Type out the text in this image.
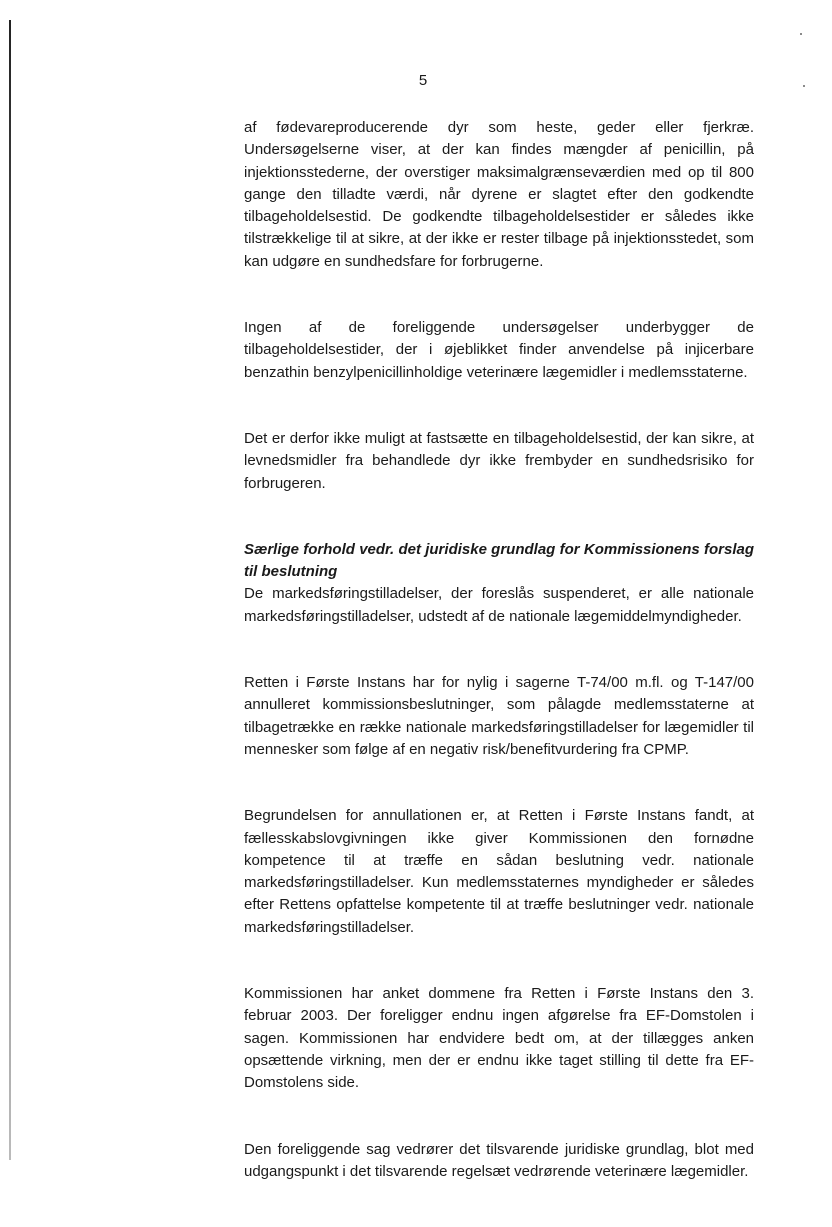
5

af fødevareproducerende dyr som heste, geder eller fjerkræ. Undersøgelserne viser, at der kan findes mængder af penicillin, på injektionsstederne, der overstiger maksimalgrænseværdien med op til 800 gange den tilladte værdi, når dyrene er slagtet efter den godkendte tilbageholdelsestid. De godkendte tilbageholdelsestider er således ikke tilstrækkelige til at sikre, at der ikke er rester tilbage på injektionsstedet, som kan udgøre en sundhedsfare for forbrugerne.

Ingen af de foreliggende undersøgelser underbygger de tilbageholdelsestider, der i øjeblikket finder anvendelse på injicerbare benzathin benzylpenicillinholdige veterinære lægemidler i medlemsstaterne.

Det er derfor ikke muligt at fastsætte en tilbageholdelsestid, der kan sikre, at levnedsmidler fra behandlede dyr ikke frembyder en sundhedsrisiko for forbrugeren.

Særlige forhold vedr. det juridiske grundlag for Kommissionens forslag til beslutning

De markedsføringstilladelser, der foreslås suspenderet, er alle nationale markedsføringstilladelser, udstedt af de nationale lægemiddelmyndigheder.

Retten i Første Instans har for nylig i sagerne T-74/00 m.fl. og T-147/00 annulleret kommissionsbeslutninger, som pålagde medlemsstaterne at tilbagetrække en række nationale markedsføringstilladelser for lægemidler til mennesker som følge af en negativ risk/benefitvurdering fra CPMP.

Begrundelsen for annullationen er, at Retten i Første Instans fandt, at fællesskabslovgivningen ikke giver Kommissionen den fornødne kompetence til at træffe en sådan beslutning vedr. nationale markedsføringstilladelser. Kun medlemsstaternes myndigheder er således efter Rettens opfattelse kompetente til at træffe beslutninger vedr. nationale markedsføringstilladelser.

Kommissionen har anket dommene fra Retten i Første Instans den 3. februar 2003. Der foreligger endnu ingen afgørelse fra EF-Domstolen i sagen. Kommissionen har endvidere bedt om, at der tillægges anken opsættende virkning, men der er endnu ikke taget stilling til dette fra EF-Domstolens side.

Den foreliggende sag vedrører det tilsvarende juridiske grundlag, blot med udgangspunkt i det tilsvarende regelsæt vedrørende veterinære lægemidler.
